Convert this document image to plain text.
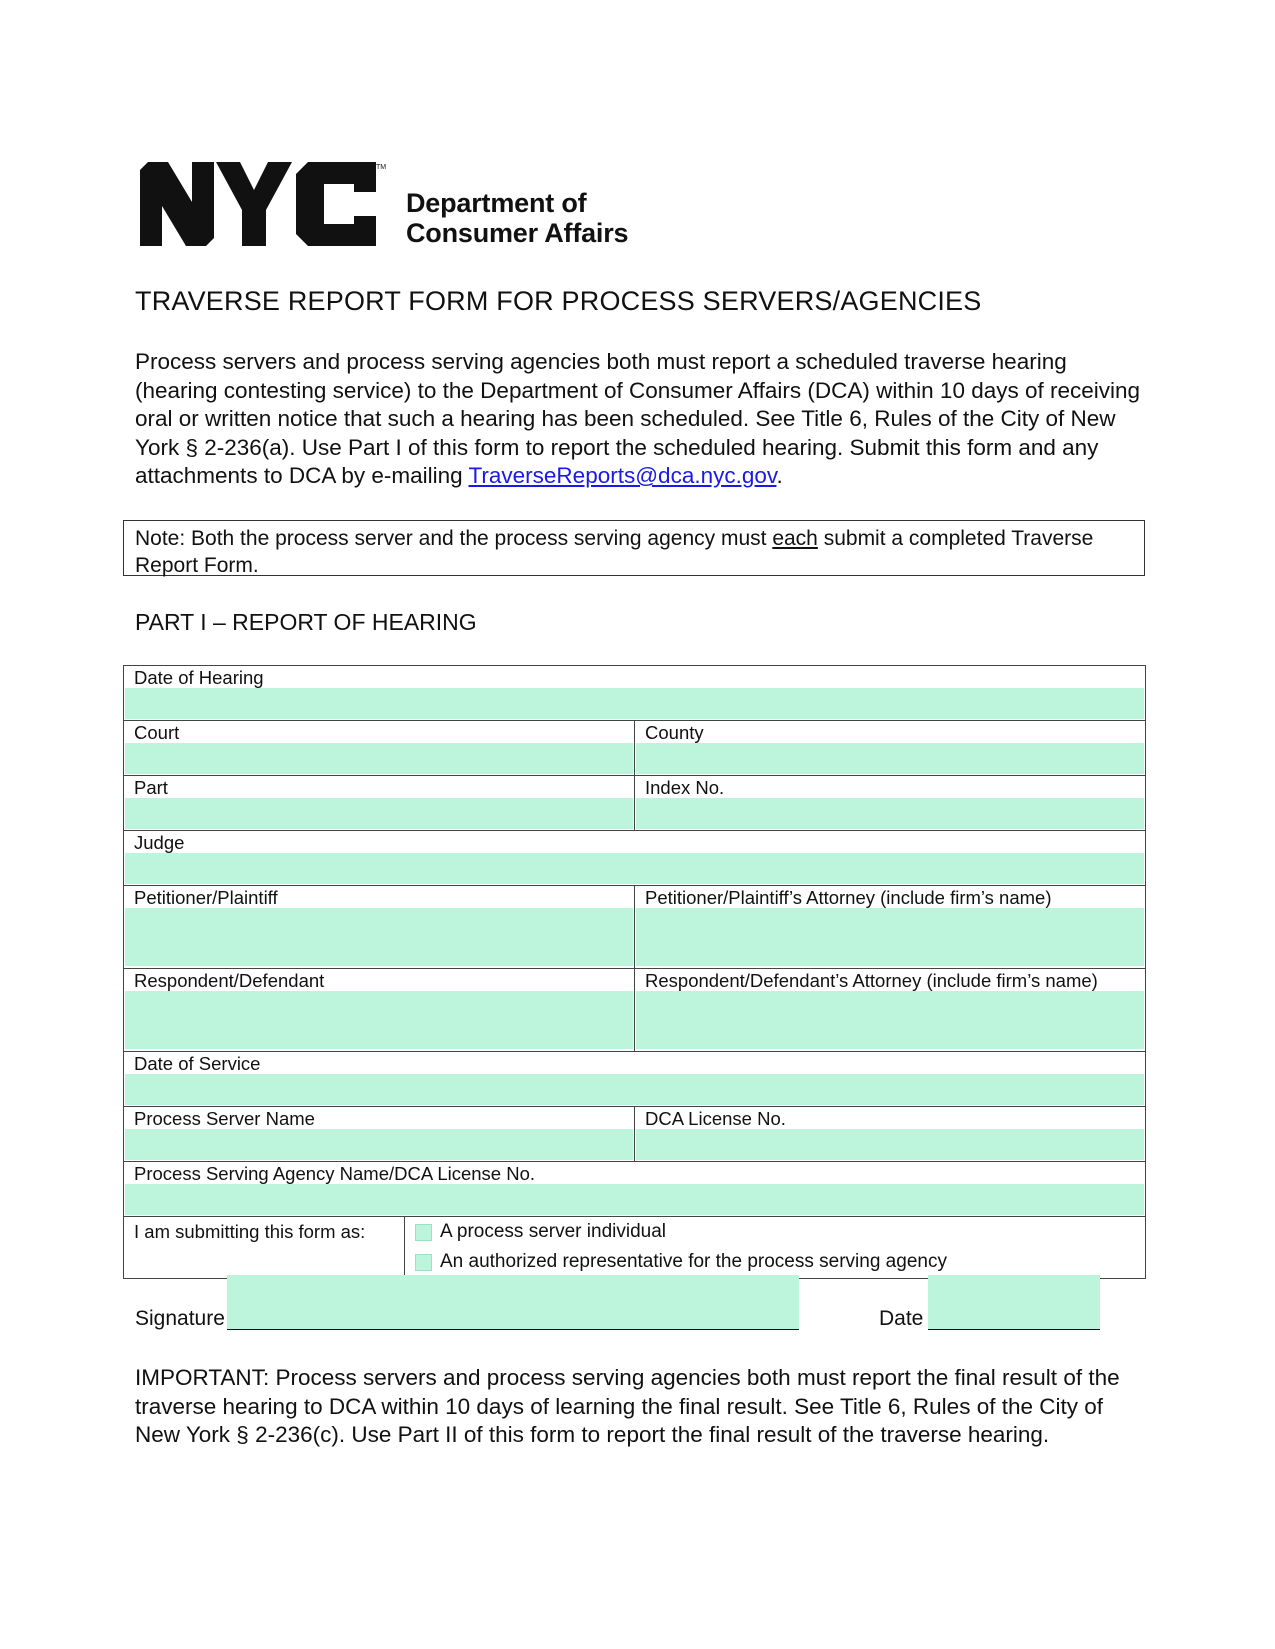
TM
Department of
Consumer Affairs
TRAVERSE REPORT FORM FOR PROCESS SERVERS/AGENCIES
Process servers and process serving agencies both must report a scheduled traverse hearing (hearing contesting service) to the Department of Consumer Affairs (DCA) within 10 days of receiving oral or written notice that such a hearing has been scheduled. See Title 6, Rules of the City of New York § 2-236(a). Use Part I of this form to report the scheduled hearing. Submit this form and any attachments to DCA by e-mailing TraverseReports@dca.nyc.gov.
Note: Both the process server and the process serving agency must each submit a completed Traverse Report Form.
PART I – REPORT OF HEARING
Date of Hearing		

Court		County

Part		Index No.

Judge		

Petitioner/Plaintiff		Petitioner/Plaintiff’s Attorney (include firm’s name)

Respondent/Defendant		Respondent/Defendant’s Attorney (include firm’s name)

Date of Service		

Process Server Name		DCA License No.

Process Serving Agency Name/DCA License No.		

I am submitting this form as:	A process server individual
An authorized representative for the process serving agency	
Signature	Date
IMPORTANT: Process servers and process serving agencies both must report the final result of the traverse hearing to DCA within 10 days of learning the final result. See Title 6, Rules of the City of New York § 2-236(c). Use Part II of this form to report the final result of the traverse hearing.
